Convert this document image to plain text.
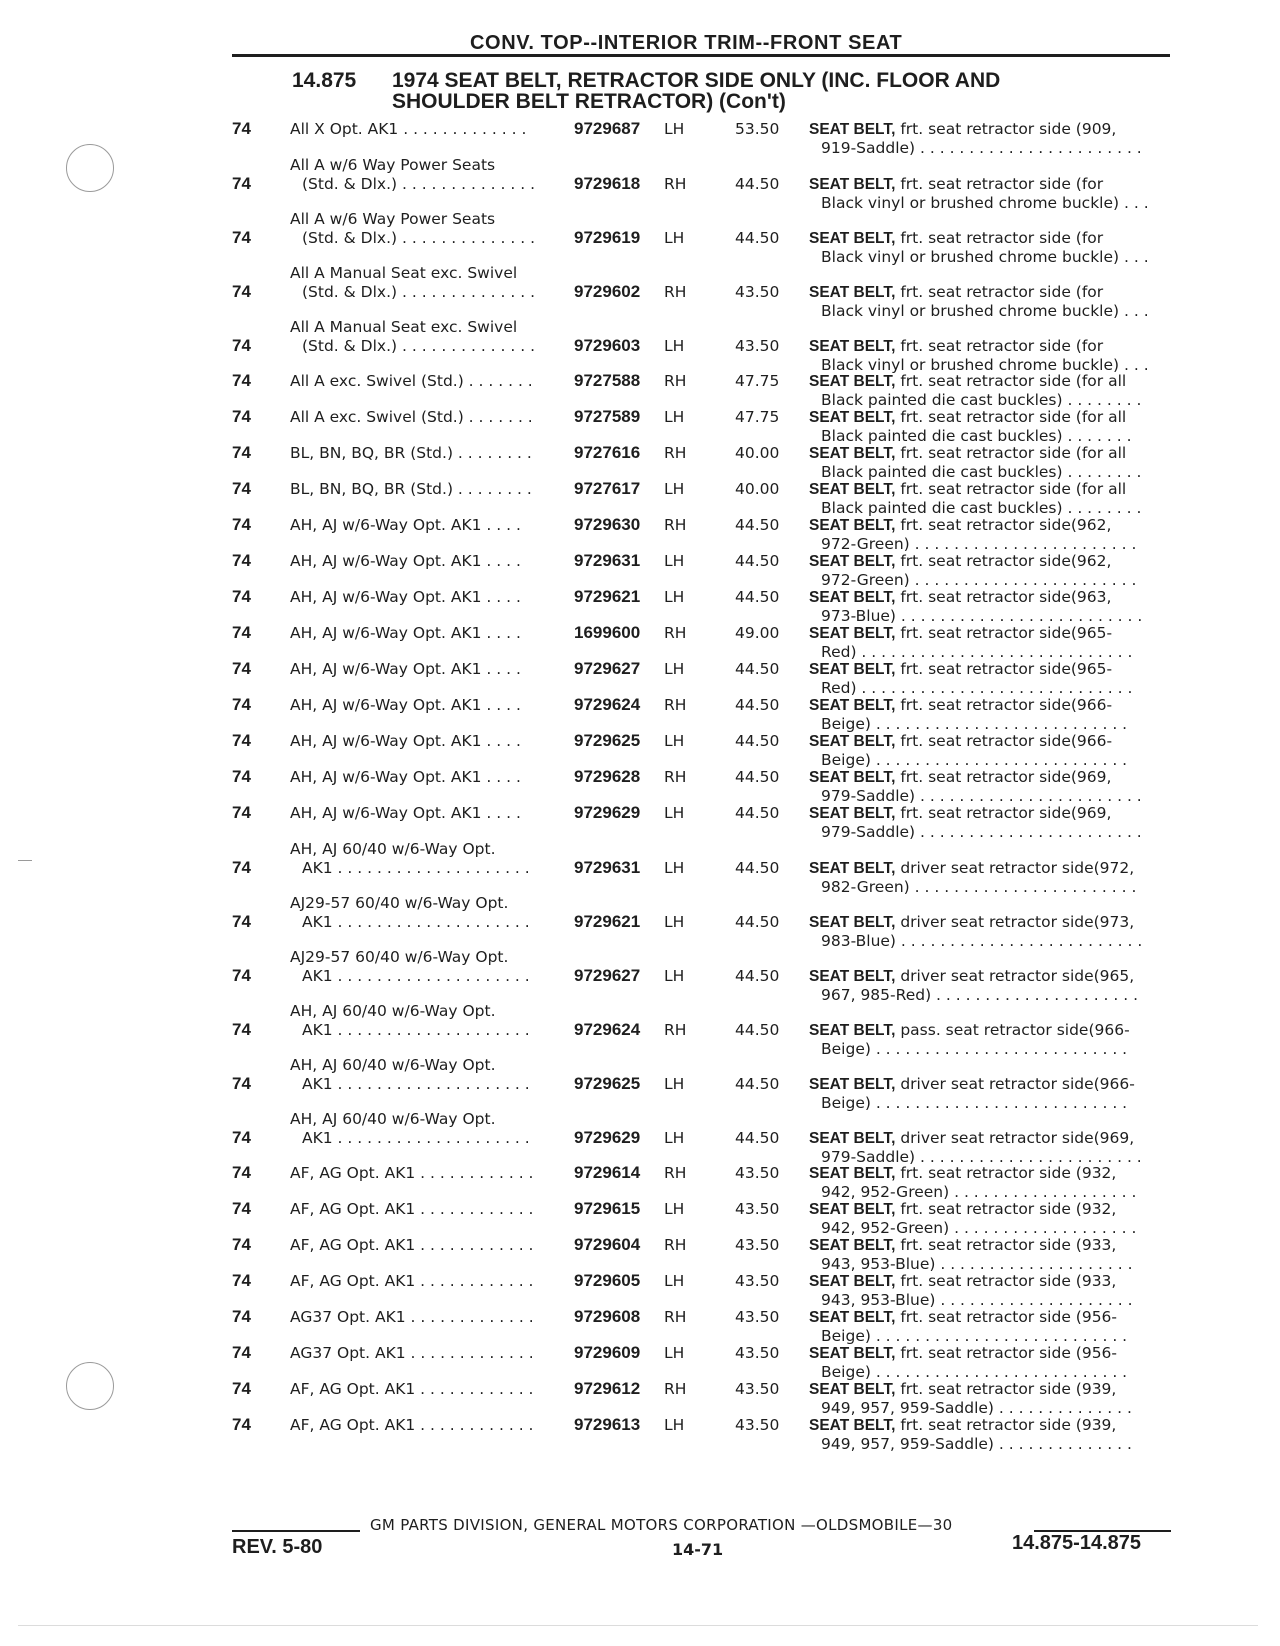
CONV. TOP--INTERIOR TRIM--FRONT SEAT
14.875 1974 SEAT BELT, RETRACTOR SIDE ONLY (INC. FLOOR AND
SHOULDER BELT RETRACTOR) (Con't)
74	All X Opt. AK1 . . . . . . . . . . . . .	9729687 LH	53.50 SEAT BELT, frt. seat retractor side (909,
919-Saddle) . . . . . . . . . . . . . . . . . . . . . . .
74
All A w/6 Way Power Seats
(Std. & Dlx.) . . . . . . . . . . . . . .	9729618 RH	44.50 SEAT BELT, frt. seat retractor side (for
Black vinyl or brushed chrome buckle) . . .
74
All A w/6 Way Power Seats
(Std. & Dlx.) . . . . . . . . . . . . . .	9729619 LH	44.50 SEAT BELT, frt. seat retractor side (for
Black vinyl or brushed chrome buckle) . . .
74
All A Manual Seat exc. Swivel
(Std. & Dlx.) . . . . . . . . . . . . . .	9729602 RH	43.50 SEAT BELT, frt. seat retractor side (for
Black vinyl or brushed chrome buckle) . . .
74
All A Manual Seat exc. Swivel
(Std. & Dlx.) . . . . . . . . . . . . . .	9729603 LH	43.50 SEAT BELT, frt. seat retractor side (for
Black vinyl or brushed chrome buckle) . . .
74	All A exc. Swivel (Std.) . . . . . . .	9727588 RH	47.75 SEAT BELT, frt. seat retractor side (for all
Black painted die cast buckles) . . . . . . . .
74	All A exc. Swivel (Std.) . . . . . . .	9727589 LH	47.75 SEAT BELT, frt. seat retractor side (for all
Black painted die cast buckles) . . . . . . .
74	BL, BN, BQ, BR (Std.) . . . . . . . .	9727616 RH	40.00 SEAT BELT, frt. seat retractor side (for all
Black painted die cast buckles) . . . . . . . .
74	BL, BN, BQ, BR (Std.) . . . . . . . .	9727617 LH	40.00 SEAT BELT, frt. seat retractor side (for all
Black painted die cast buckles) . . . . . . . .
74	AH, AJ w/6-Way Opt. AK1 . . . .	9729630 RH	44.50 SEAT BELT, frt. seat retractor side(962,
972-Green) . . . . . . . . . . . . . . . . . . . . . . .
74	AH, AJ w/6-Way Opt. AK1 . . . .	9729631 LH	44.50 SEAT BELT, frt. seat retractor side(962,
972-Green) . . . . . . . . . . . . . . . . . . . . . . .
74	AH, AJ w/6-Way Opt. AK1 . . . .	9729621 LH	44.50 SEAT BELT, frt. seat retractor side(963,
973-Blue) . . . . . . . . . . . . . . . . . . . . . . . . .
74	AH, AJ w/6-Way Opt. AK1 . . . .	1699600 RH	49.00 SEAT BELT, frt. seat retractor side(965-
Red) . . . . . . . . . . . . . . . . . . . . . . . . . . . .
74	AH, AJ w/6-Way Opt. AK1 . . . .	9729627 LH	44.50 SEAT BELT, frt. seat retractor side(965-
Red) . . . . . . . . . . . . . . . . . . . . . . . . . . . .
74	AH, AJ w/6-Way Opt. AK1 . . . .	9729624 RH	44.50 SEAT BELT, frt. seat retractor side(966-
Beige) . . . . . . . . . . . . . . . . . . . . . . . . . .
74	AH, AJ w/6-Way Opt. AK1 . . . .	9729625 LH	44.50 SEAT BELT, frt. seat retractor side(966-
Beige) . . . . . . . . . . . . . . . . . . . . . . . . . .
74	AH, AJ w/6-Way Opt. AK1 . . . .	9729628 RH	44.50 SEAT BELT, frt. seat retractor side(969,
979-Saddle) . . . . . . . . . . . . . . . . . . . . . . .
74	AH, AJ w/6-Way Opt. AK1 . . . .	9729629 LH	44.50 SEAT BELT, frt. seat retractor side(969,
979-Saddle) . . . . . . . . . . . . . . . . . . . . . . .
74
AH, AJ 60/40 w/6-Way Opt.
AK1 . . . . . . . . . . . . . . . . . . . .	9729631 LH	44.50 SEAT BELT, driver seat retractor side(972,
982-Green) . . . . . . . . . . . . . . . . . . . . . . .
74
AJ29-57 60/40 w/6-Way Opt.
AK1 . . . . . . . . . . . . . . . . . . . .	9729621 LH	44.50 SEAT BELT, driver seat retractor side(973,
983-Blue) . . . . . . . . . . . . . . . . . . . . . . . . .
74
AJ29-57 60/40 w/6-Way Opt.
AK1 . . . . . . . . . . . . . . . . . . . .	9729627 LH	44.50 SEAT BELT, driver seat retractor side(965,
967, 985-Red) . . . . . . . . . . . . . . . . . . . . .
74
AH, AJ 60/40 w/6-Way Opt.
AK1 . . . . . . . . . . . . . . . . . . . .	9729624 RH	44.50 SEAT BELT, pass. seat retractor side(966-
Beige) . . . . . . . . . . . . . . . . . . . . . . . . . .
74
AH, AJ 60/40 w/6-Way Opt.
AK1 . . . . . . . . . . . . . . . . . . . .	9729625 LH	44.50 SEAT BELT, driver seat retractor side(966-
Beige) . . . . . . . . . . . . . . . . . . . . . . . . . .
74
AH, AJ 60/40 w/6-Way Opt.
AK1 . . . . . . . . . . . . . . . . . . . .	9729629 LH	44.50 SEAT BELT, driver seat retractor side(969,
979-Saddle) . . . . . . . . . . . . . . . . . . . . . . .
74	AF, AG Opt. AK1 . . . . . . . . . . . .	9729614 RH	43.50 SEAT BELT, frt. seat retractor side (932,
942, 952-Green) . . . . . . . . . . . . . . . . . . .
74	AF, AG Opt. AK1 . . . . . . . . . . . .	9729615 LH	43.50 SEAT BELT, frt. seat retractor side (932,
942, 952-Green) . . . . . . . . . . . . . . . . . . .
74	AF, AG Opt. AK1 . . . . . . . . . . . .	9729604 RH	43.50 SEAT BELT, frt. seat retractor side (933,
943, 953-Blue) . . . . . . . . . . . . . . . . . . . .
74	AF, AG Opt. AK1 . . . . . . . . . . . .	9729605 LH	43.50 SEAT BELT, frt. seat retractor side (933,
943, 953-Blue) . . . . . . . . . . . . . . . . . . . .
74	AG37 Opt. AK1 . . . . . . . . . . . . .	9729608 RH	43.50 SEAT BELT, frt. seat retractor side (956-
Beige) . . . . . . . . . . . . . . . . . . . . . . . . . .
74	AG37 Opt. AK1 . . . . . . . . . . . . .	9729609 LH	43.50 SEAT BELT, frt. seat retractor side (956-
Beige) . . . . . . . . . . . . . . . . . . . . . . . . . .
74	AF, AG Opt. AK1 . . . . . . . . . . . .	9729612 RH	43.50 SEAT BELT, frt. seat retractor side (939,
949, 957, 959-Saddle) . . . . . . . . . . . . . .
74	AF, AG Opt. AK1 . . . . . . . . . . . .	9729613 LH	43.50 SEAT BELT, frt. seat retractor side (939,
949, 957, 959-Saddle) . . . . . . . . . . . . . .
GM PARTS DIVISION, GENERAL MOTORS CORPORATION —OLDSMOBILE—30
REV. 5-80	14-71	14.875-14.875
